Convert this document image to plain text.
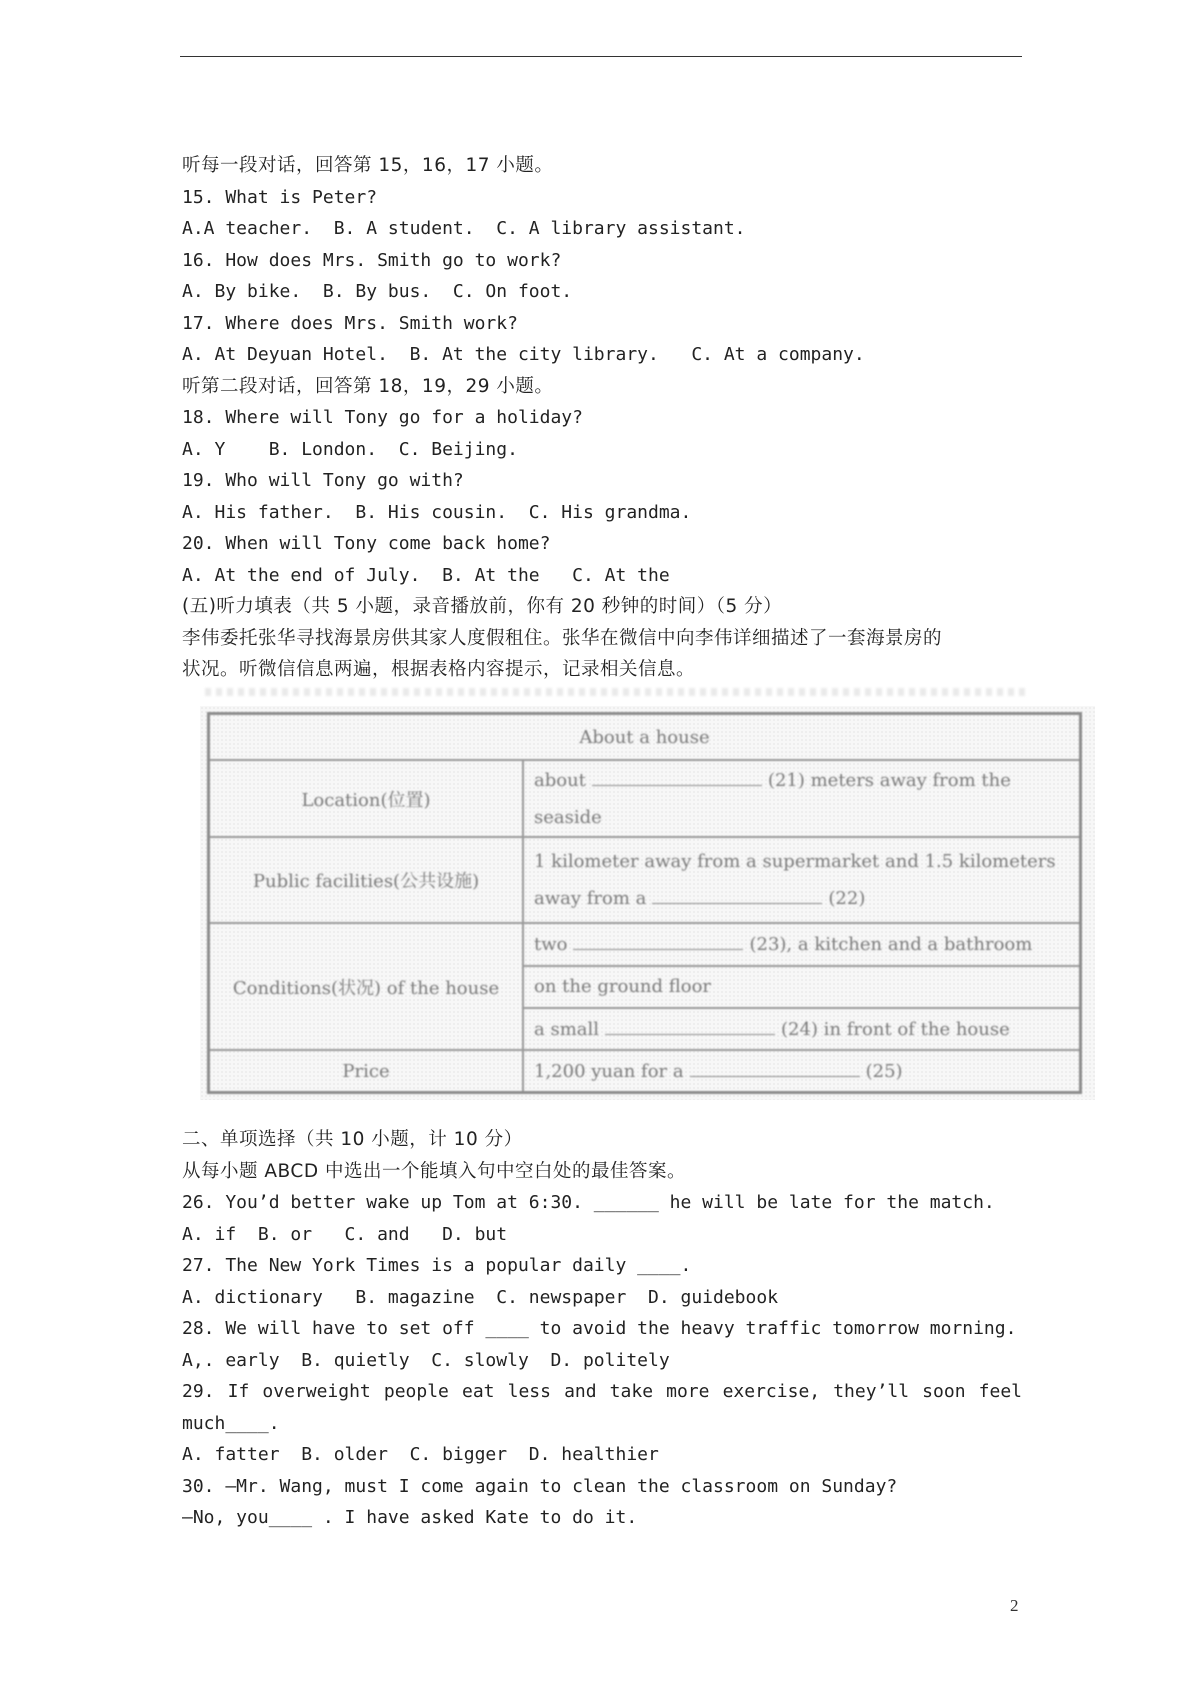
听每一段对话，回答第 15，16，17 小题。
15. What is Peter?
A.A teacher.  B. A student.  C. A library assistant.
16. How does Mrs. Smith go to work?
A. By bike.  B. By bus.  C. On foot.
17. Where does Mrs. Smith work?
A. At Deyuan Hotel.  B. At the city library.   C. At a company.
听第二段对话，回答第 18，19，29 小题。
18. Where will Tony go for a holiday?
A. Y    B. London.  C. Beijing.
19. Who will Tony go with?
A. His father.  B. His cousin.  C. His grandma.
20. When will Tony come back home?
A. At the end of July.  B. At the   C. At the
(五)听力填表（共 5 小题，录音播放前，你有 20 秒钟的时间）（5 分）
李伟委托张华寻找海景房供其家人度假租住。张华在微信中向李伟详细描述了一套海景房的
状况。听微信信息两遍，根据表格内容提示，记录相关信息。
About a house	
Location(位置)	about (21) meters away from the
seaside
Public facilities(公共设施)	1 kilometer away from a supermarket and 1.5 kilometers
away from a (22)
Conditions(状况) of the house	two (23), a kitchen and a bathroom
	on the ground floor
	a small (24) in front of the house
Price	1,200 yuan for a (25)
二、单项选择（共 10 小题，计 10 分）
从每小题 ABCD 中选出一个能填入句中空白处的最佳答案。
26. You’d better wake up Tom at 6:30. ______ he will be late for the match.
A. if  B. or   C. and   D. but
27. The New York Times is a popular daily ____.
A. dictionary   B. magazine  C. newspaper  D. guidebook
28. We will have to set off ____ to avoid the heavy traffic tomorrow morning.
A,. early  B. quietly  C. slowly  D. politely
29. If overweight people eat less and take more exercise, they’ll soon feel
much____.
A. fatter  B. older  C. bigger  D. healthier
30. —Mr. Wang, must I come again to clean the classroom on Sunday?
—No, you____ . I have asked Kate to do it.
2
